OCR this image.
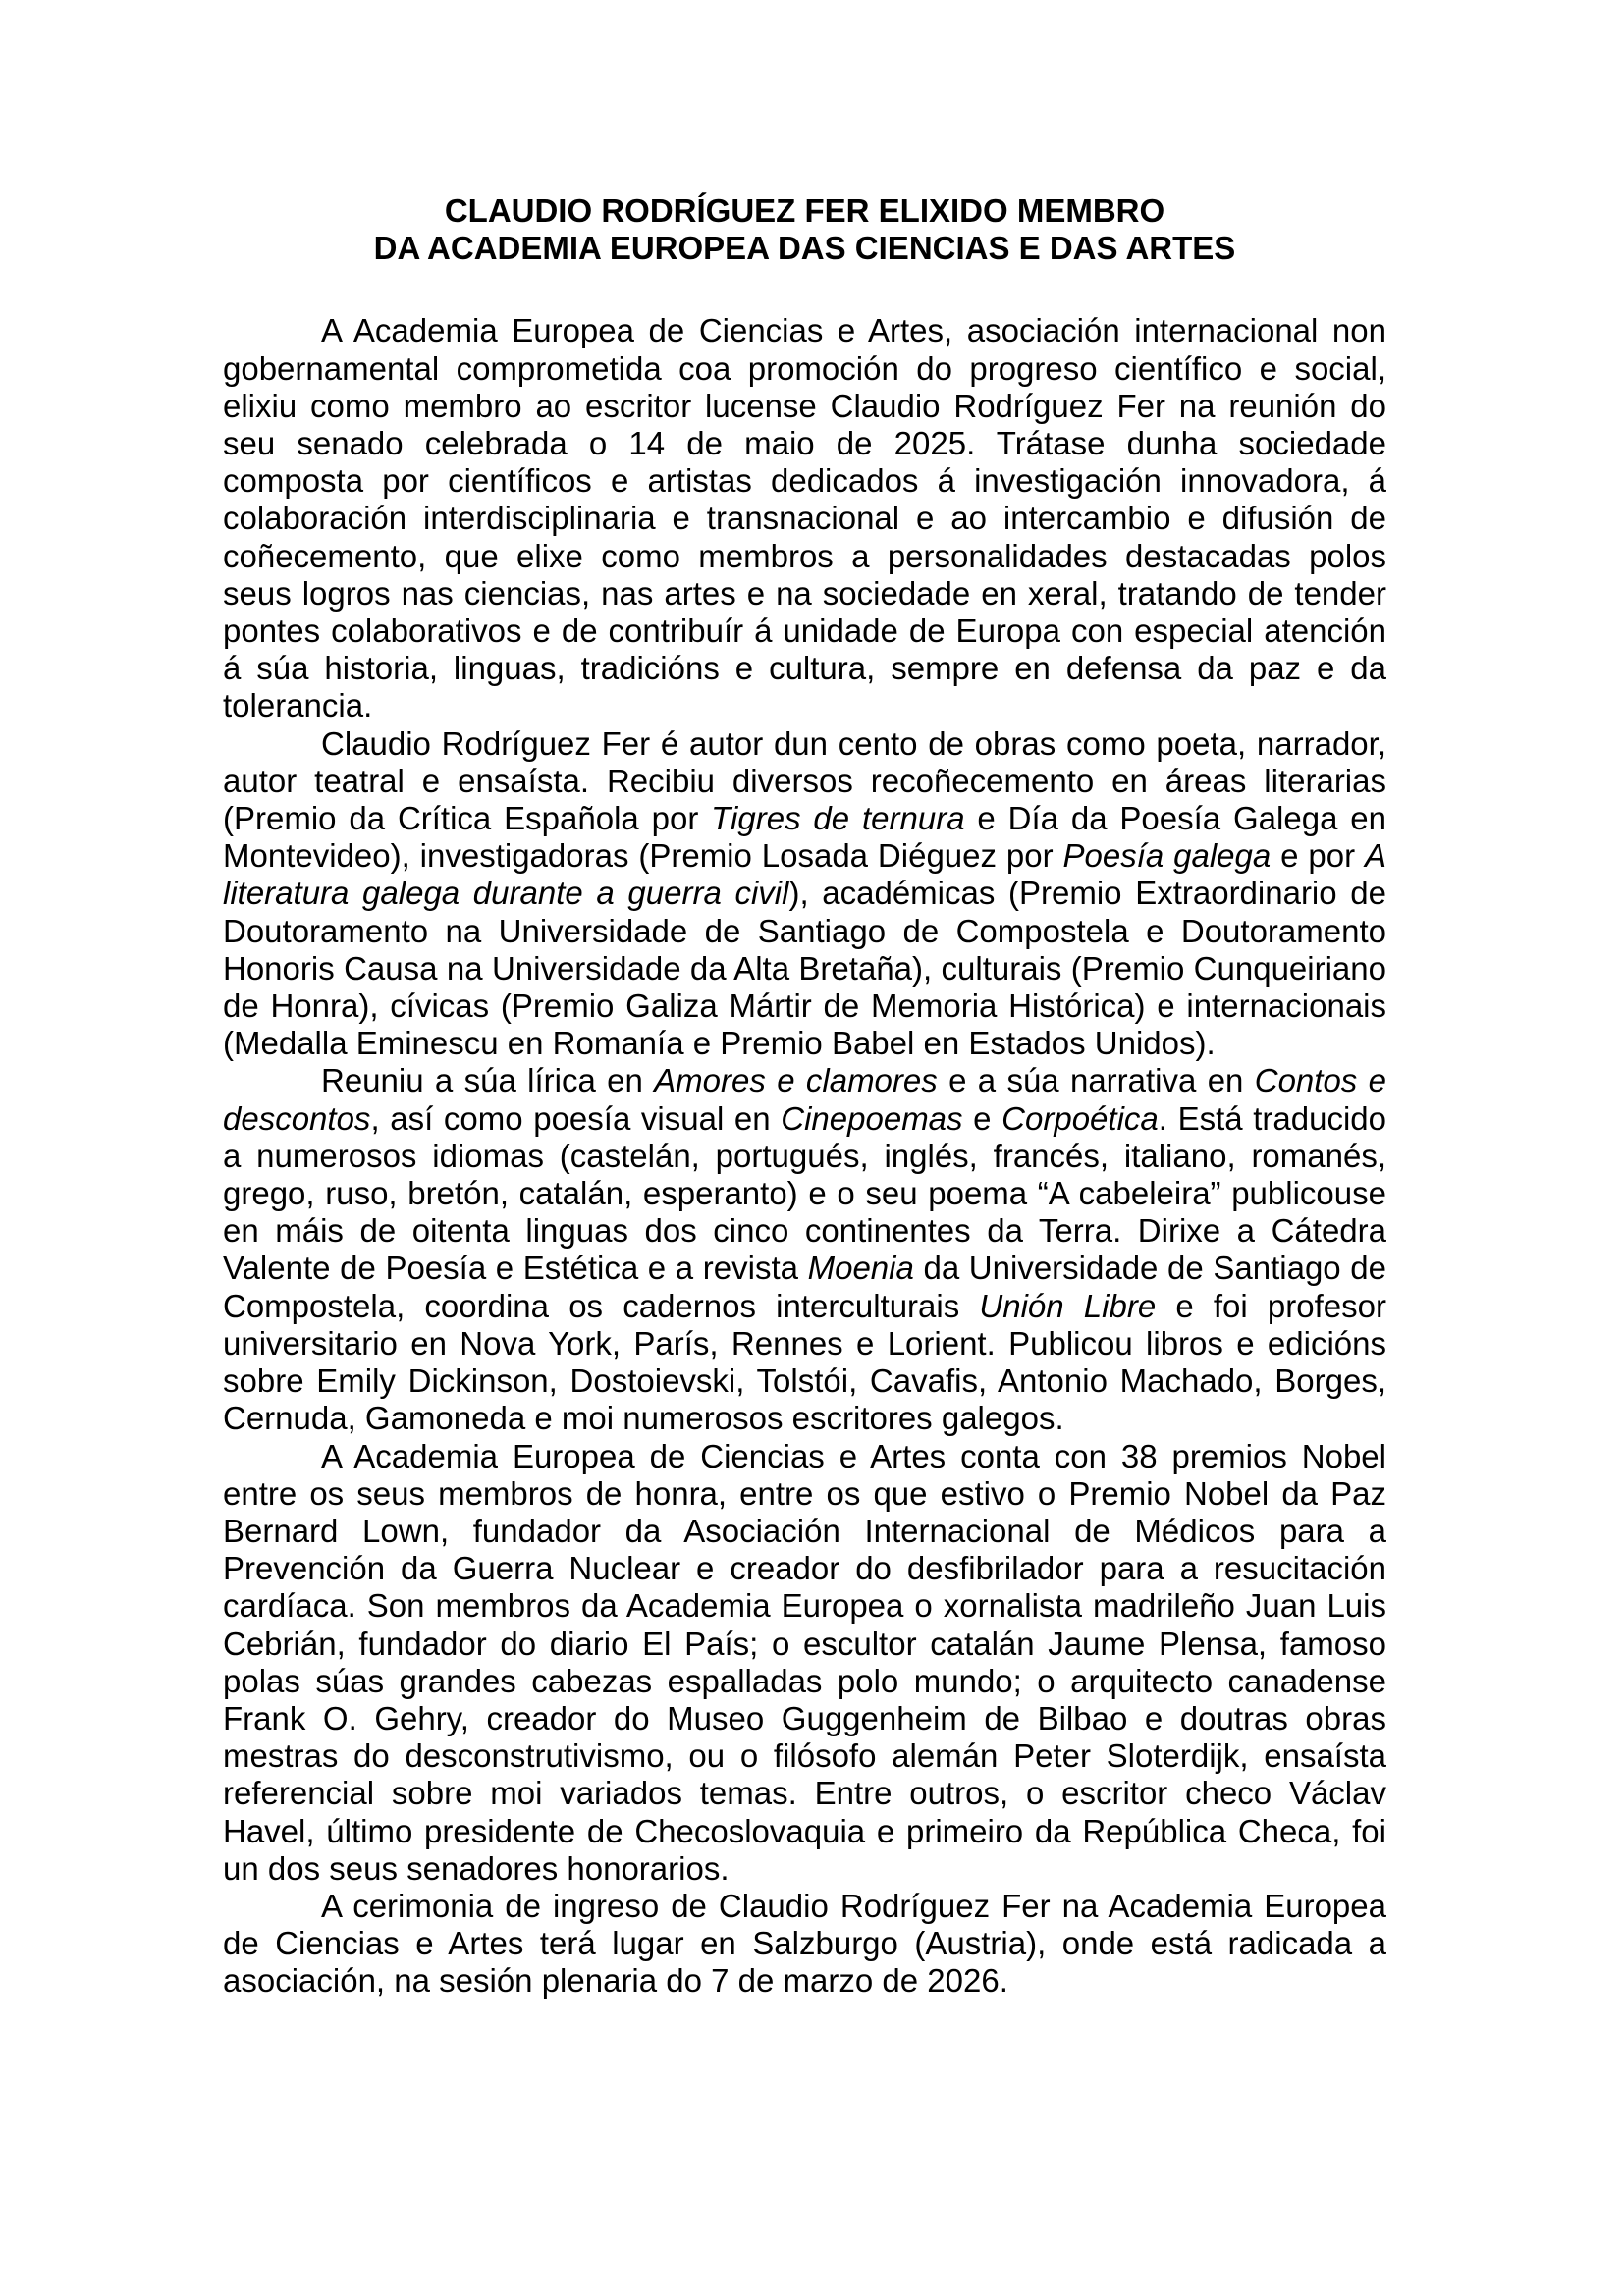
CLAUDIO RODRÍGUEZ FER ELIXIDO MEMBRO
DA ACADEMIA EUROPEA DAS CIENCIAS E DAS ARTES

A Academia Europea de Ciencias e Artes, asociación internacional non gobernamental comprometida coa promoción do progreso científico e social, elixiu como membro ao escritor lucense Claudio Rodríguez Fer na reunión do seu senado celebrada o 14 de maio de 2025. Trátase dunha sociedade composta por científicos e artistas dedicados á investigación innovadora, á colaboración interdisciplinaria e transnacional e ao intercambio e difusión de coñecemento, que elixe como membros a personalidades destacadas polos seus logros nas ciencias, nas artes e na sociedade en xeral, tratando de tender pontes colaborativos e de contribuír á unidade de Europa con especial atención á súa historia, linguas, tradicións e cultura, sempre en defensa da paz e da tolerancia.

Claudio Rodríguez Fer é autor dun cento de obras como poeta, narrador, autor teatral e ensaísta. Recibiu diversos recoñecemento en áreas literarias (Premio da Crítica Española por Tigres de ternura e Día da Poesía Galega en Montevideo), investigadoras (Premio Losada Diéguez por Poesía galega e por A literatura galega durante a guerra civil), académicas (Premio Extraordinario de Doutoramento na Universidade de Santiago de Compostela e Doutoramento Honoris Causa na Universidade da Alta Bretaña), culturais (Premio Cunqueiriano de Honra), cívicas (Premio Galiza Mártir de Memoria Histórica) e internacionais (Medalla Eminescu en Romanía e Premio Babel en Estados Unidos).

Reuniu a súa lírica en Amores e clamores e a súa narrativa en Contos e descontos, así como poesía visual en Cinepoemas e Corpoética. Está traducido a numerosos idiomas (castelán, portugués, inglés, francés, italiano, romanés, grego, ruso, bretón, catalán, esperanto) e o seu poema “A cabeleira” publicouse en máis de oitenta linguas dos cinco continentes da Terra. Dirixe a Cátedra Valente de Poesía e Estética e a revista Moenia da Universidade de Santiago de Compostela, coordina os cadernos interculturais Unión Libre e foi profesor universitario en Nova York, París, Rennes e Lorient. Publicou libros e edicións sobre Emily Dickinson, Dostoievski, Tolstói, Cavafis, Antonio Machado, Borges, Cernuda, Gamoneda e moi numerosos escritores galegos.

A Academia Europea de Ciencias e Artes conta con 38 premios Nobel entre os seus membros de honra, entre os que estivo o Premio Nobel da Paz Bernard Lown, fundador da Asociación Internacional de Médicos para a Prevención da Guerra Nuclear e creador do desfibrilador para a resucitación cardíaca. Son membros da Academia Europea o xornalista madrileño Juan Luis Cebrián, fundador do diario El País; o escultor catalán Jaume Plensa, famoso polas súas grandes cabezas espalladas polo mundo; o arquitecto canadense Frank O. Gehry, creador do Museo Guggenheim de Bilbao e doutras obras mestras do desconstrutivismo, ou o filósofo alemán Peter Sloterdijk, ensaísta referencial sobre moi variados temas. Entre outros, o escritor checo Václav Havel, último presidente de Checoslovaquia e primeiro da República Checa, foi un dos seus senadores honorarios.

A cerimonia de ingreso de Claudio Rodríguez Fer na Academia Europea de Ciencias e Artes terá lugar en Salzburgo (Austria), onde está radicada a asociación, na sesión plenaria do 7 de marzo de 2026.
